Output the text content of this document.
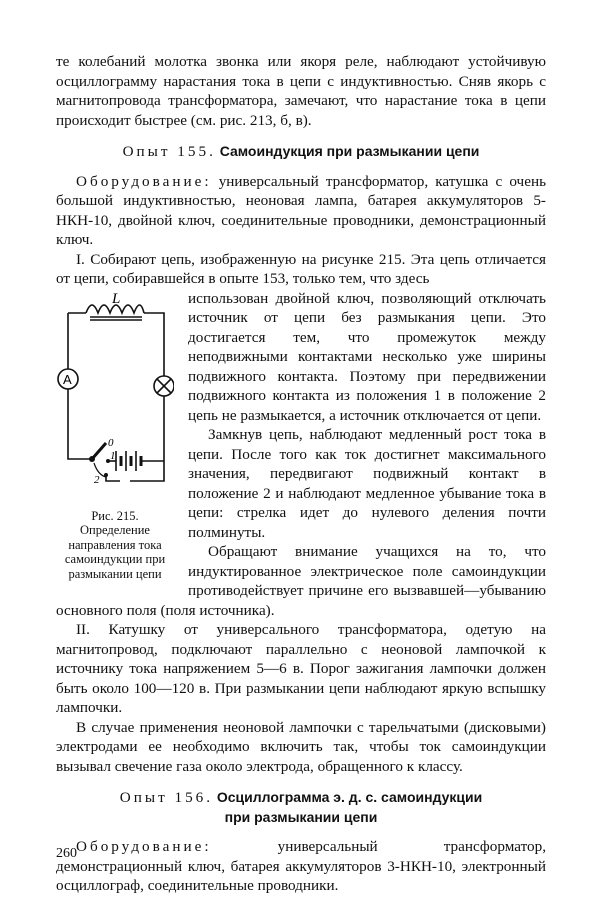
те колебаний молотка звонка или якоря реле, наблюдают устойчивую осциллограмму нарастания тока в цепи с индуктивностью. Сняв якорь с магнитопровода трансформатора, замечают, что нарастание тока в цепи происходит быстрее (см. рис. 213, б, в).

Опыт 155. Самоиндукция при размыкании цепи

Оборудование: универсальный трансформатор, катушка с очень большой индуктивностью, неоновая лампа, батарея аккумуляторов 5-НКН-10, двойной ключ, соединительные проводники, демонстрационный ключ.

I. Собирают цепь, изображенную на рисунке 215. Эта цепь отличается от цепи, собиравшейся в опыте 153, только тем, что здесь

L
A
0
1
2
Рис. 215. Определение направления тока самоиндукции при размыкании цепи

использован двойной ключ, позволяющий отключать источник от цепи без размыкания цепи. Это достигается тем, что промежуток между неподвижными контактами несколько уже ширины подвижного контакта. Поэтому при передвижении подвижного контакта из положения 1 в положение 2 цепь не размыкается, а источник отключается от цепи.

Замкнув цепь, наблюдают медленный рост тока в цепи. После того как ток достигнет максимального значения, передвигают подвижный контакт в положение 2 и наблюдают медленное убывание тока в цепи: стрелка идет до нулевого деления почти полминуты.

Обращают внимание учащихся на то, что индуктированное электрическое поле самоиндукции противодействует причине его вызвавшей—убыванию основного поля (поля источника).

II. Катушку от универсального трансформатора, одетую на магнитопровод, подключают параллельно с неоновой лампочкой к источнику тока напряжением 5—6 в. Порог зажигания лампочки должен быть около 100—120 в. При размыкании цепи наблюдают яркую вспышку лампочки.

В случае применения неоновой лампочки с тарельчатыми (дисковыми) электродами ее необходимо включить так, чтобы ток самоиндукции вызывал свечение газа около электрода, обращенного к классу.

Опыт 156. Осциллограмма э. д. с. самоиндукции
при размыкании цепи

Оборудование:	универсальный трансформатор, демонстрационный ключ, батарея аккумуляторов 3-НКН-10, электронный осциллограф, соединительные проводники.

260
